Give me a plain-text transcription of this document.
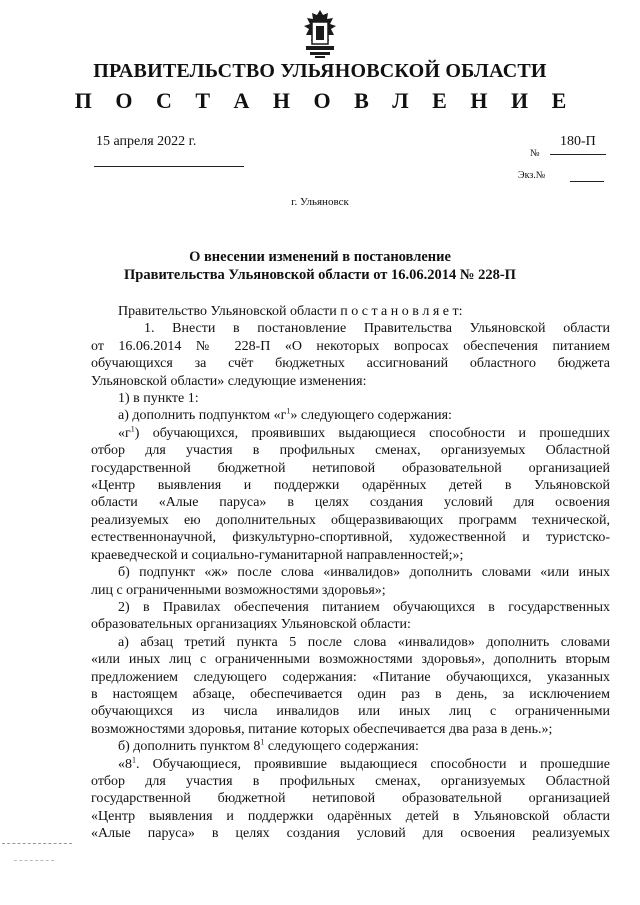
ПРАВИТЕЛЬСТВО УЛЬЯНОВСКОЙ ОБЛАСТИ
П О С Т А Н О В Л Е Н И Е
15 апреля 2022 г.
№
180-П
Экз.№
г. Ульяновск
О внесении изменений в постановление
Правительства Ульяновской области от 16.06.2014 № 228-П

Правительство Ульяновской области п о с т а н о в л я е т:

1. Внести в постановление Правительства Ульяновской области

от 16.06.2014 № 228-П «О некоторых вопросах обеспечения питанием

обучающихся за счёт бюджетных ассигнований областного бюджета

Ульяновской области» следующие изменения:

1) в пункте 1:

а) дополнить подпунктом «$г^1$» следующего содержания:

«$г^1$) обучающихся, проявивших выдающиеся способности и прошедших

отбор для участия в профильных сменах, организуемых Областной

государственной бюджетной нетиповой образовательной организацией

«Центр выявления и поддержки одарённых детей в Ульяновской

области «Алые паруса» в целях создания условий для освоения

реализуемых ею дополнительных общеразвивающих программ технической,

естественнонаучной, физкультурно-спортивной, художественной и туристско-

краеведческой и социально-гуманитарной направленностей;»;

б) подпункт «ж» после слова «инвалидов» дополнить словами «или иных

лиц с ограниченными возможностями здоровья»;

2) в Правилах обеспечения питанием обучающихся в государственных

образовательных организациях Ульяновской области:

а) абзац третий пункта 5 после слова «инвалидов» дополнить словами

«или иных лиц с ограниченными возможностями здоровья», дополнить вторым

предложением следующего содержания: «Питание обучающихся, указанных

в настоящем абзаце, обеспечивается один раз в день, за исключением

обучающихся из числа инвалидов или иных лиц с ограниченными

возможностями здоровья, питание которых обеспечивается два раза в день.»;

б) дополнить пунктом $8^1$ следующего содержания:

«$8^1$. Обучающиеся, проявившие выдающиеся способности и прошедшие

отбор для участия в профильных сменах, организуемых Областной

государственной бюджетной нетиповой образовательной организацией

«Центр выявления и поддержки одарённых детей в Ульяновской области

«Алые паруса» в целях создания условий для освоения реализуемых
